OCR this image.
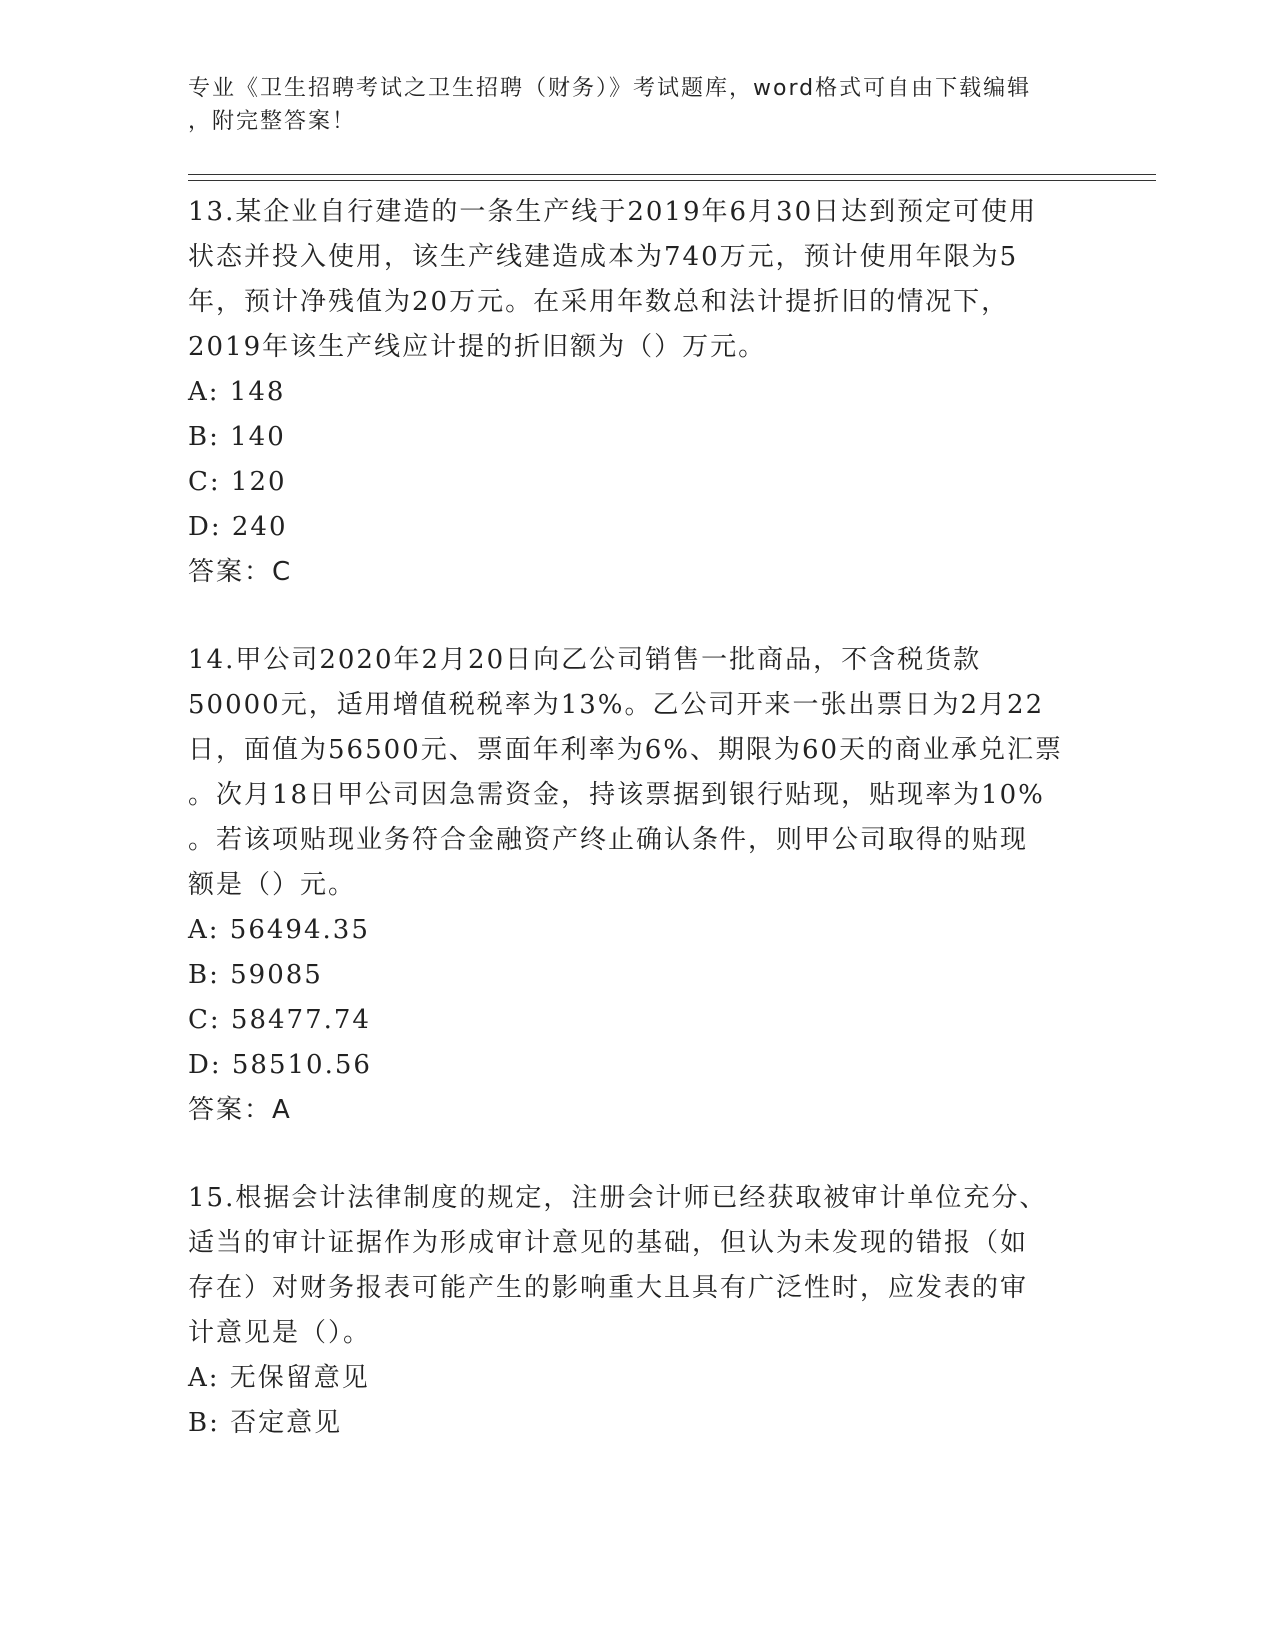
专业《卫生招聘考试之卫生招聘（财务）》考试题库，word格式可自由下载编辑
，附完整答案！
13.某企业自行建造的一条生产线于2019年6月30日达到预定可使用
状态并投入使用，该生产线建造成本为740万元，预计使用年限为5
年，预计净残值为20万元。在采用年数总和法计提折旧的情况下，
2019年该生产线应计提的折旧额为（）万元。
A: 148
B: 140
C: 120
D: 240
答案：C
14.甲公司2020年2月20日向乙公司销售一批商品，不含税货款
50000元，适用增值税税率为13%。乙公司开来一张出票日为2月22
日，面值为56500元、票面年利率为6%、期限为60天的商业承兑汇票
。次月18日甲公司因急需资金，持该票据到银行贴现，贴现率为10%
。若该项贴现业务符合金融资产终止确认条件，则甲公司取得的贴现
额是（）元。
A: 56494.35
B: 59085
C: 58477.74
D: 58510.56
答案：A
15.根据会计法律制度的规定，注册会计师已经获取被审计单位充分、
适当的审计证据作为形成审计意见的基础，但认为未发现的错报（如
存在）对财务报表可能产生的影响重大且具有广泛性时，应发表的审
计意见是（）。
A: 无保留意见
B: 否定意见
